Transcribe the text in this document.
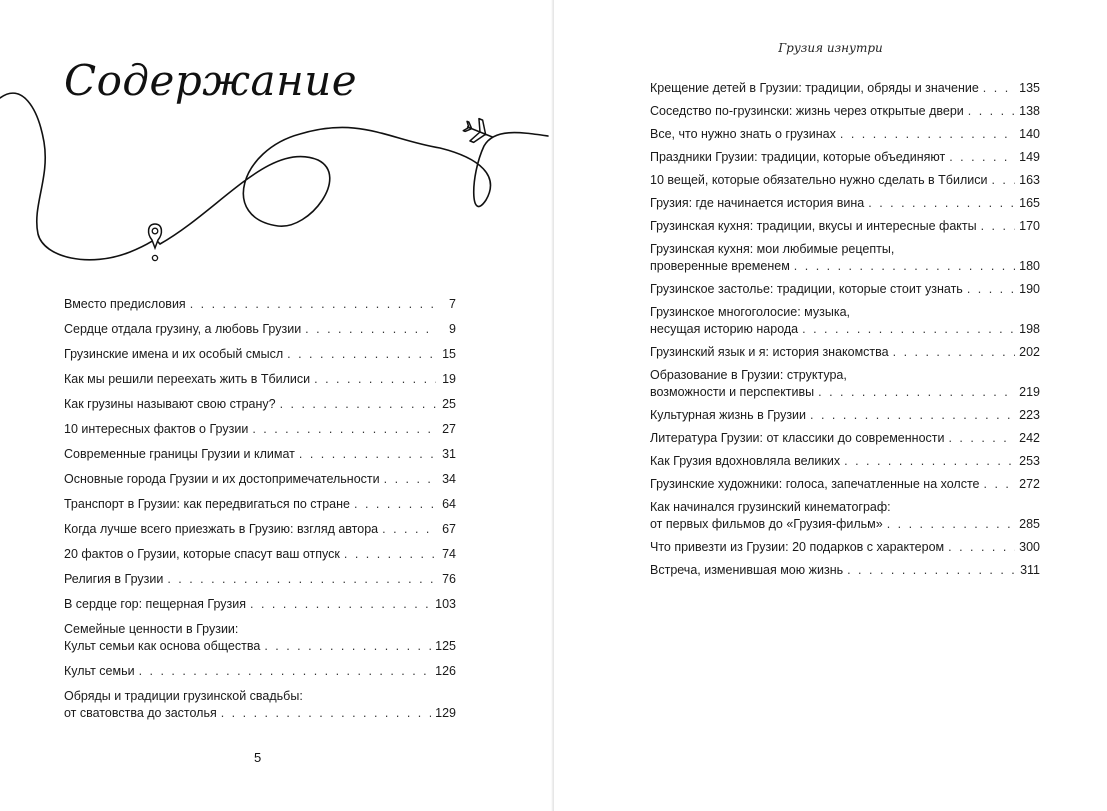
Содержание
Вместо предисловия . . .	7
Сердце отдала грузину, а любовь Грузии . . .	9
Грузинские имена и их особый смысл . . .	15
Как мы решили переехать жить в Тбилиси . . .	19
Как грузины называют свою страну? . . .	25
10 интересных фактов о Грузии . . .	27
Современные границы Грузии и климат . . .	31
Основные города Грузии и их достопримечательности . . .	34
Транспорт в Грузии: как передвигаться по стране . . .	64
Когда лучше всего приезжать в Грузию: взгляд автора . . .	67
20 фактов о Грузии, которые спасут ваш отпуск . . .	74
Религия в Грузии . . .	76
В сердце гор: пещерная Грузия . . .	103
Семейные ценности в Грузии:
Культ семьи как основа общества . . .	125
Культ семьи . . .	126
Обряды и традиции грузинской свадьбы:
от сватовства до застолья . . .	129
5
Грузия изнутри
Крещение детей в Грузии: традиции, обряды и значение . . .	135
Соседство по-грузински: жизнь через открытые двери . . .	138
Все, что нужно знать о грузинах . . .	140
Праздники Грузии: традиции, которые объединяют . . .	149
10 вещей, которые обязательно нужно сделать в Тбилиси . . .	163
Грузия: где начинается история вина . . .	165
Грузинская кухня: традиции, вкусы и интересные факты . . .	170
Грузинская кухня: мои любимые рецепты,
проверенные временем . . .	180
Грузинское застолье: традиции, которые стоит узнать . . .	190
Грузинское многоголосие: музыка,
несущая историю народа . . .	198
Грузинский язык и я: история знакомства . . .	202
Образование в Грузии: структура,
возможности и перспективы . . .	219
Культурная жизнь в Грузии . . .	223
Литература Грузии: от классики до современности . . .	242
Как Грузия вдохновляла великих . . .	253
Грузинские художники: голоса, запечатленные на холсте . . .	272
Как начинался грузинский кинематограф:
от первых фильмов до «Грузия-фильм» . . .	285
Что привезти из Грузии: 20 подарков с характером . . .	300
Встреча, изменившая мою жизнь . . .	311
